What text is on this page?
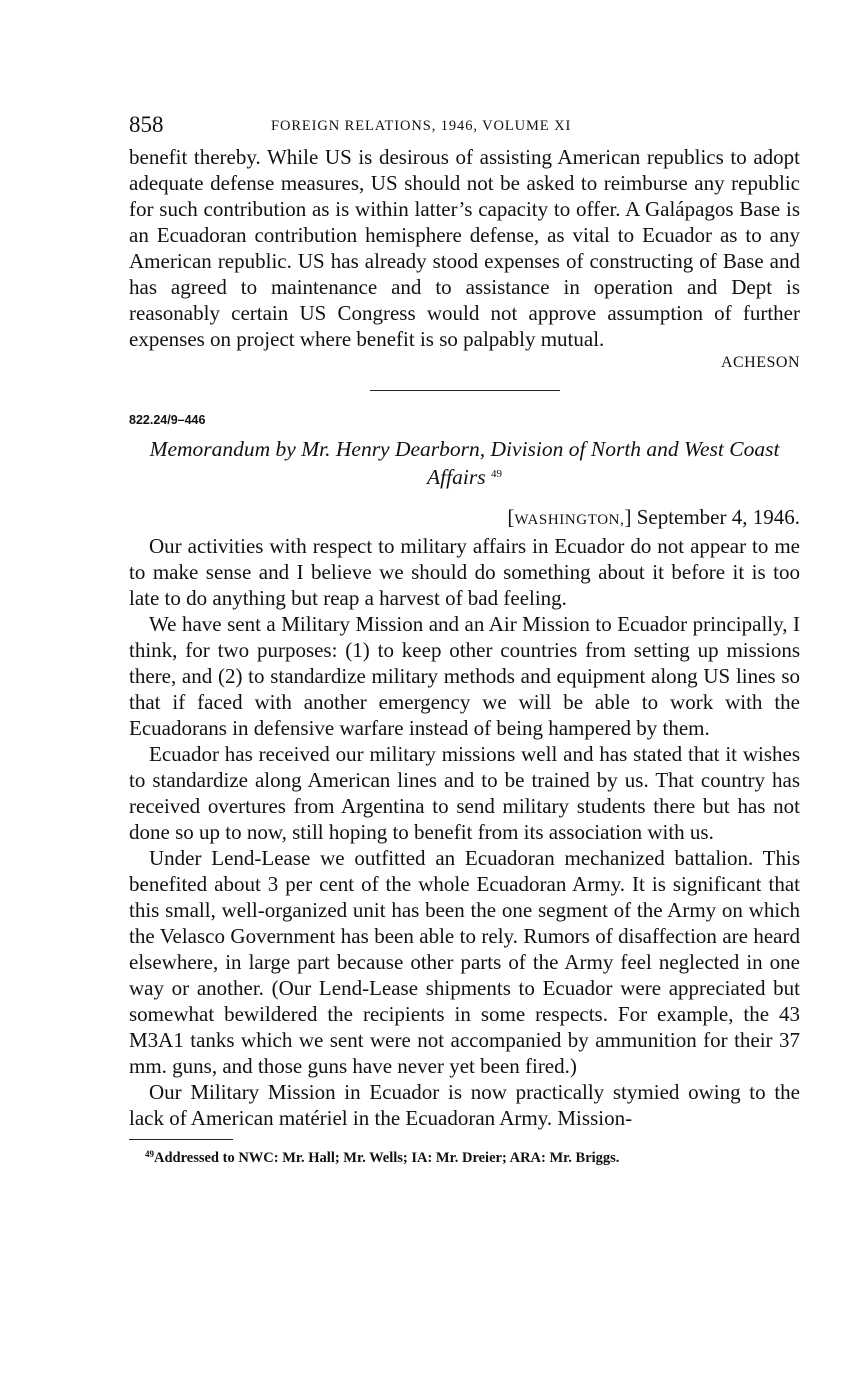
858	FOREIGN RELATIONS, 1946, VOLUME XI

benefit thereby. While US is desirous of assisting American republics to adopt adequate defense measures, US should not be asked to reimburse any republic for such contribution as is within latter’s capacity to offer. A Galápagos Base is an Ecuadoran contribution hemisphere defense, as vital to Ecuador as to any American republic. US has already stood expenses of constructing of Base and has agreed to maintenance and to assistance in operation and Dept is reasonably certain US Congress would not approve assumption of further expenses on project where benefit is so palpably mutual.

ACHESON
822.24/9–446

Memorandum by Mr. Henry Dearborn, Division of North and West Coast Affairs $^{49}$

[WASHINGTON,] September 4, 1946.

Our activities with respect to military affairs in Ecuador do not appear to me to make sense and I believe we should do something about it before it is too late to do anything but reap a harvest of bad feeling.

We have sent a Military Mission and an Air Mission to Ecuador principally, I think, for two purposes: (1) to keep other countries from setting up missions there, and (2) to standardize military methods and equipment along US lines so that if faced with another emergency we will be able to work with the Ecuadorans in defensive warfare instead of being hampered by them.

Ecuador has received our military missions well and has stated that it wishes to standardize along American lines and to be trained by us. That country has received overtures from Argentina to send military students there but has not done so up to now, still hoping to benefit from its association with us.

Under Lend-Lease we outfitted an Ecuadoran mechanized battalion. This benefited about 3 per cent of the whole Ecuadoran Army. It is significant that this small, well-organized unit has been the one segment of the Army on which the Velasco Government has been able to rely. Rumors of disaffection are heard elsewhere, in large part because other parts of the Army feel neglected in one way or another. (Our Lend-Lease shipments to Ecuador were appreciated but somewhat bewildered the recipients in some respects. For example, the 43 M3A1 tanks which we sent were not accompanied by ammunition for their 37 mm. guns, and those guns have never yet been fired.)

Our Military Mission in Ecuador is now practically stymied owing to the lack of American matériel in the Ecuadoran Army. Mission-

$^{49}$Addressed to NWC: Mr. Hall; Mr. Wells; IA: Mr. Dreier; ARA: Mr. Briggs.
